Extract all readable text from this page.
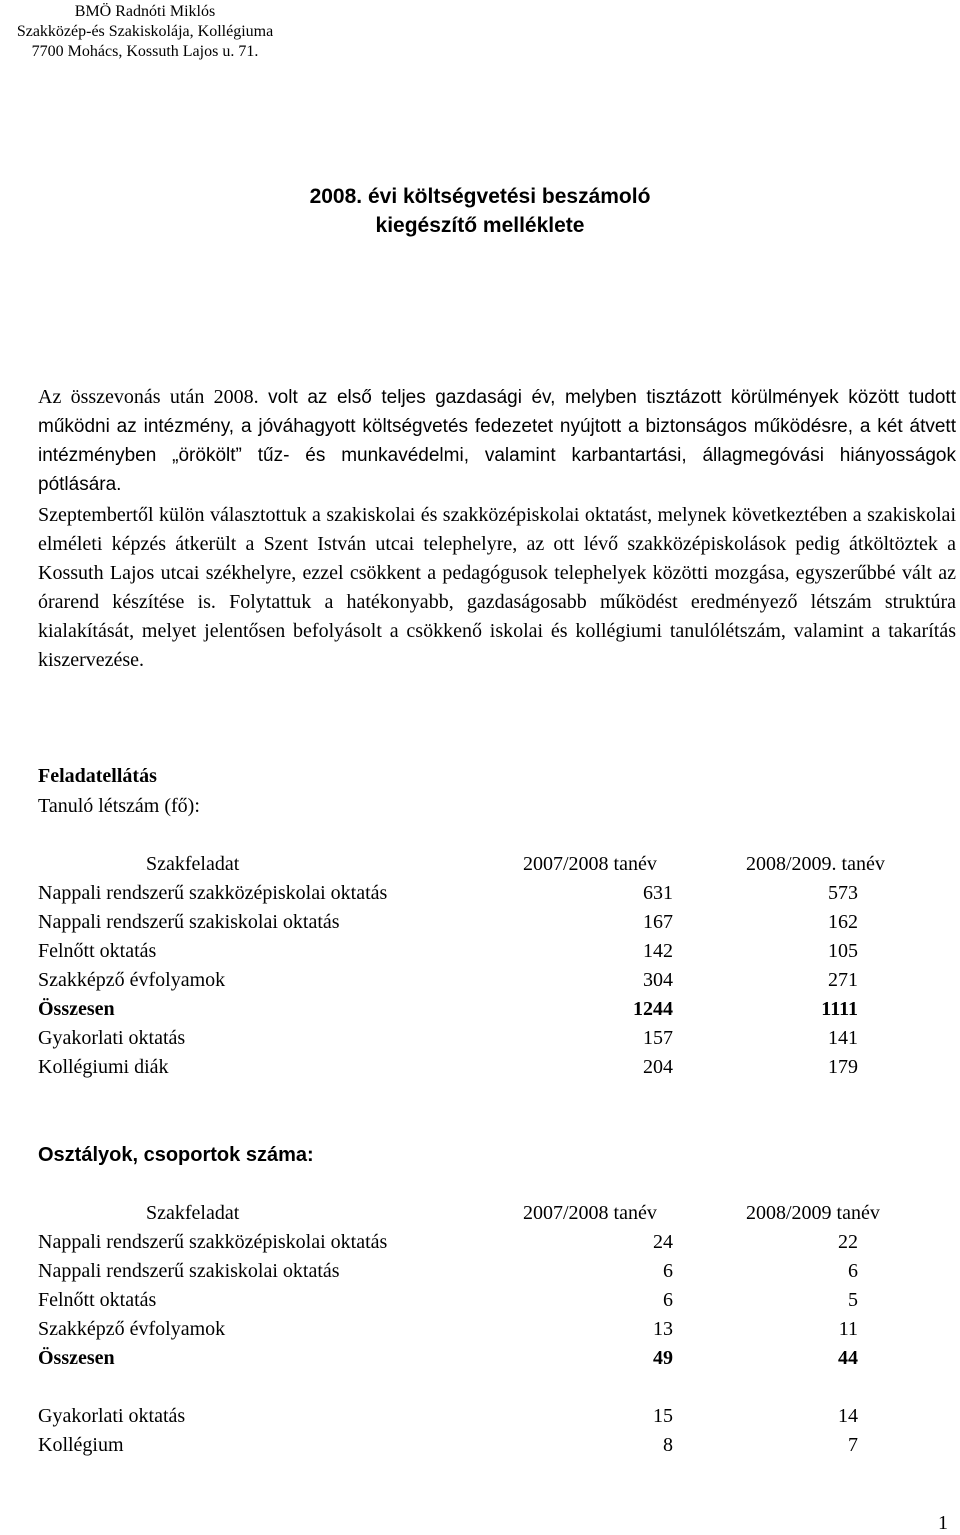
BMÖ Radnóti Miklós
Szakközép-és Szakiskolája, Kollégiuma
7700 Mohács, Kossuth Lajos u. 71.
2008. évi költségvetési beszámoló
kiegészítő melléklete

Az összevonás után 2008. volt az első teljes gazdasági év, melyben tisztázott körülmények között tudott működni az intézmény, a jóváhagyott költségvetés fedezetet nyújtott a biztonságos működésre, a két átvett intézményben „örökölt” tűz- és munkavédelmi, valamint karbantartási, állagmegóvási hiányosságok pótlására.

Szeptembertől külön választottuk a szakiskolai és szakközépiskolai oktatást, melynek következtében a szakiskolai elméleti képzés átkerült a Szent István utcai telephelyre, az ott lévő szakközépiskolások pedig átköltöztek a Kossuth Lajos utcai székhelyre, ezzel csökkent a pedagógusok telephelyek közötti mozgása, egyszerűbbé vált az órarend készítése is. Folytattuk a hatékonyabb, gazdaságosabb működést eredményező létszám struktúra kialakítását, melyet jelentősen befolyásolt a csökkenő iskolai és kollégiumi tanulólétszám, valamint a takarítás kiszervezése.

Feladatellátás
Tanuló létszám (fő):
Szakfeladat	2007/2008 tanév	2008/2009. tanév
Nappali rendszerű szakközépiskolai oktatás	631	573
Nappali rendszerű szakiskolai oktatás	167	162
Felnőtt oktatás	142	105
Szakképző évfolyamok	304	271
Összesen	1244	1111
Gyakorlati oktatás	157	141
Kollégiumi diák	204	179
Osztályok, csoportok száma:
Szakfeladat	2007/2008 tanév	2008/2009 tanév
Nappali rendszerű szakközépiskolai oktatás	24	22
Nappali rendszerű szakiskolai oktatás	6	6
Felnőtt oktatás	6	5
Szakképző évfolyamok	13	11
Összesen	49	44
Gyakorlati oktatás	15	14
Kollégium	8	7
1
